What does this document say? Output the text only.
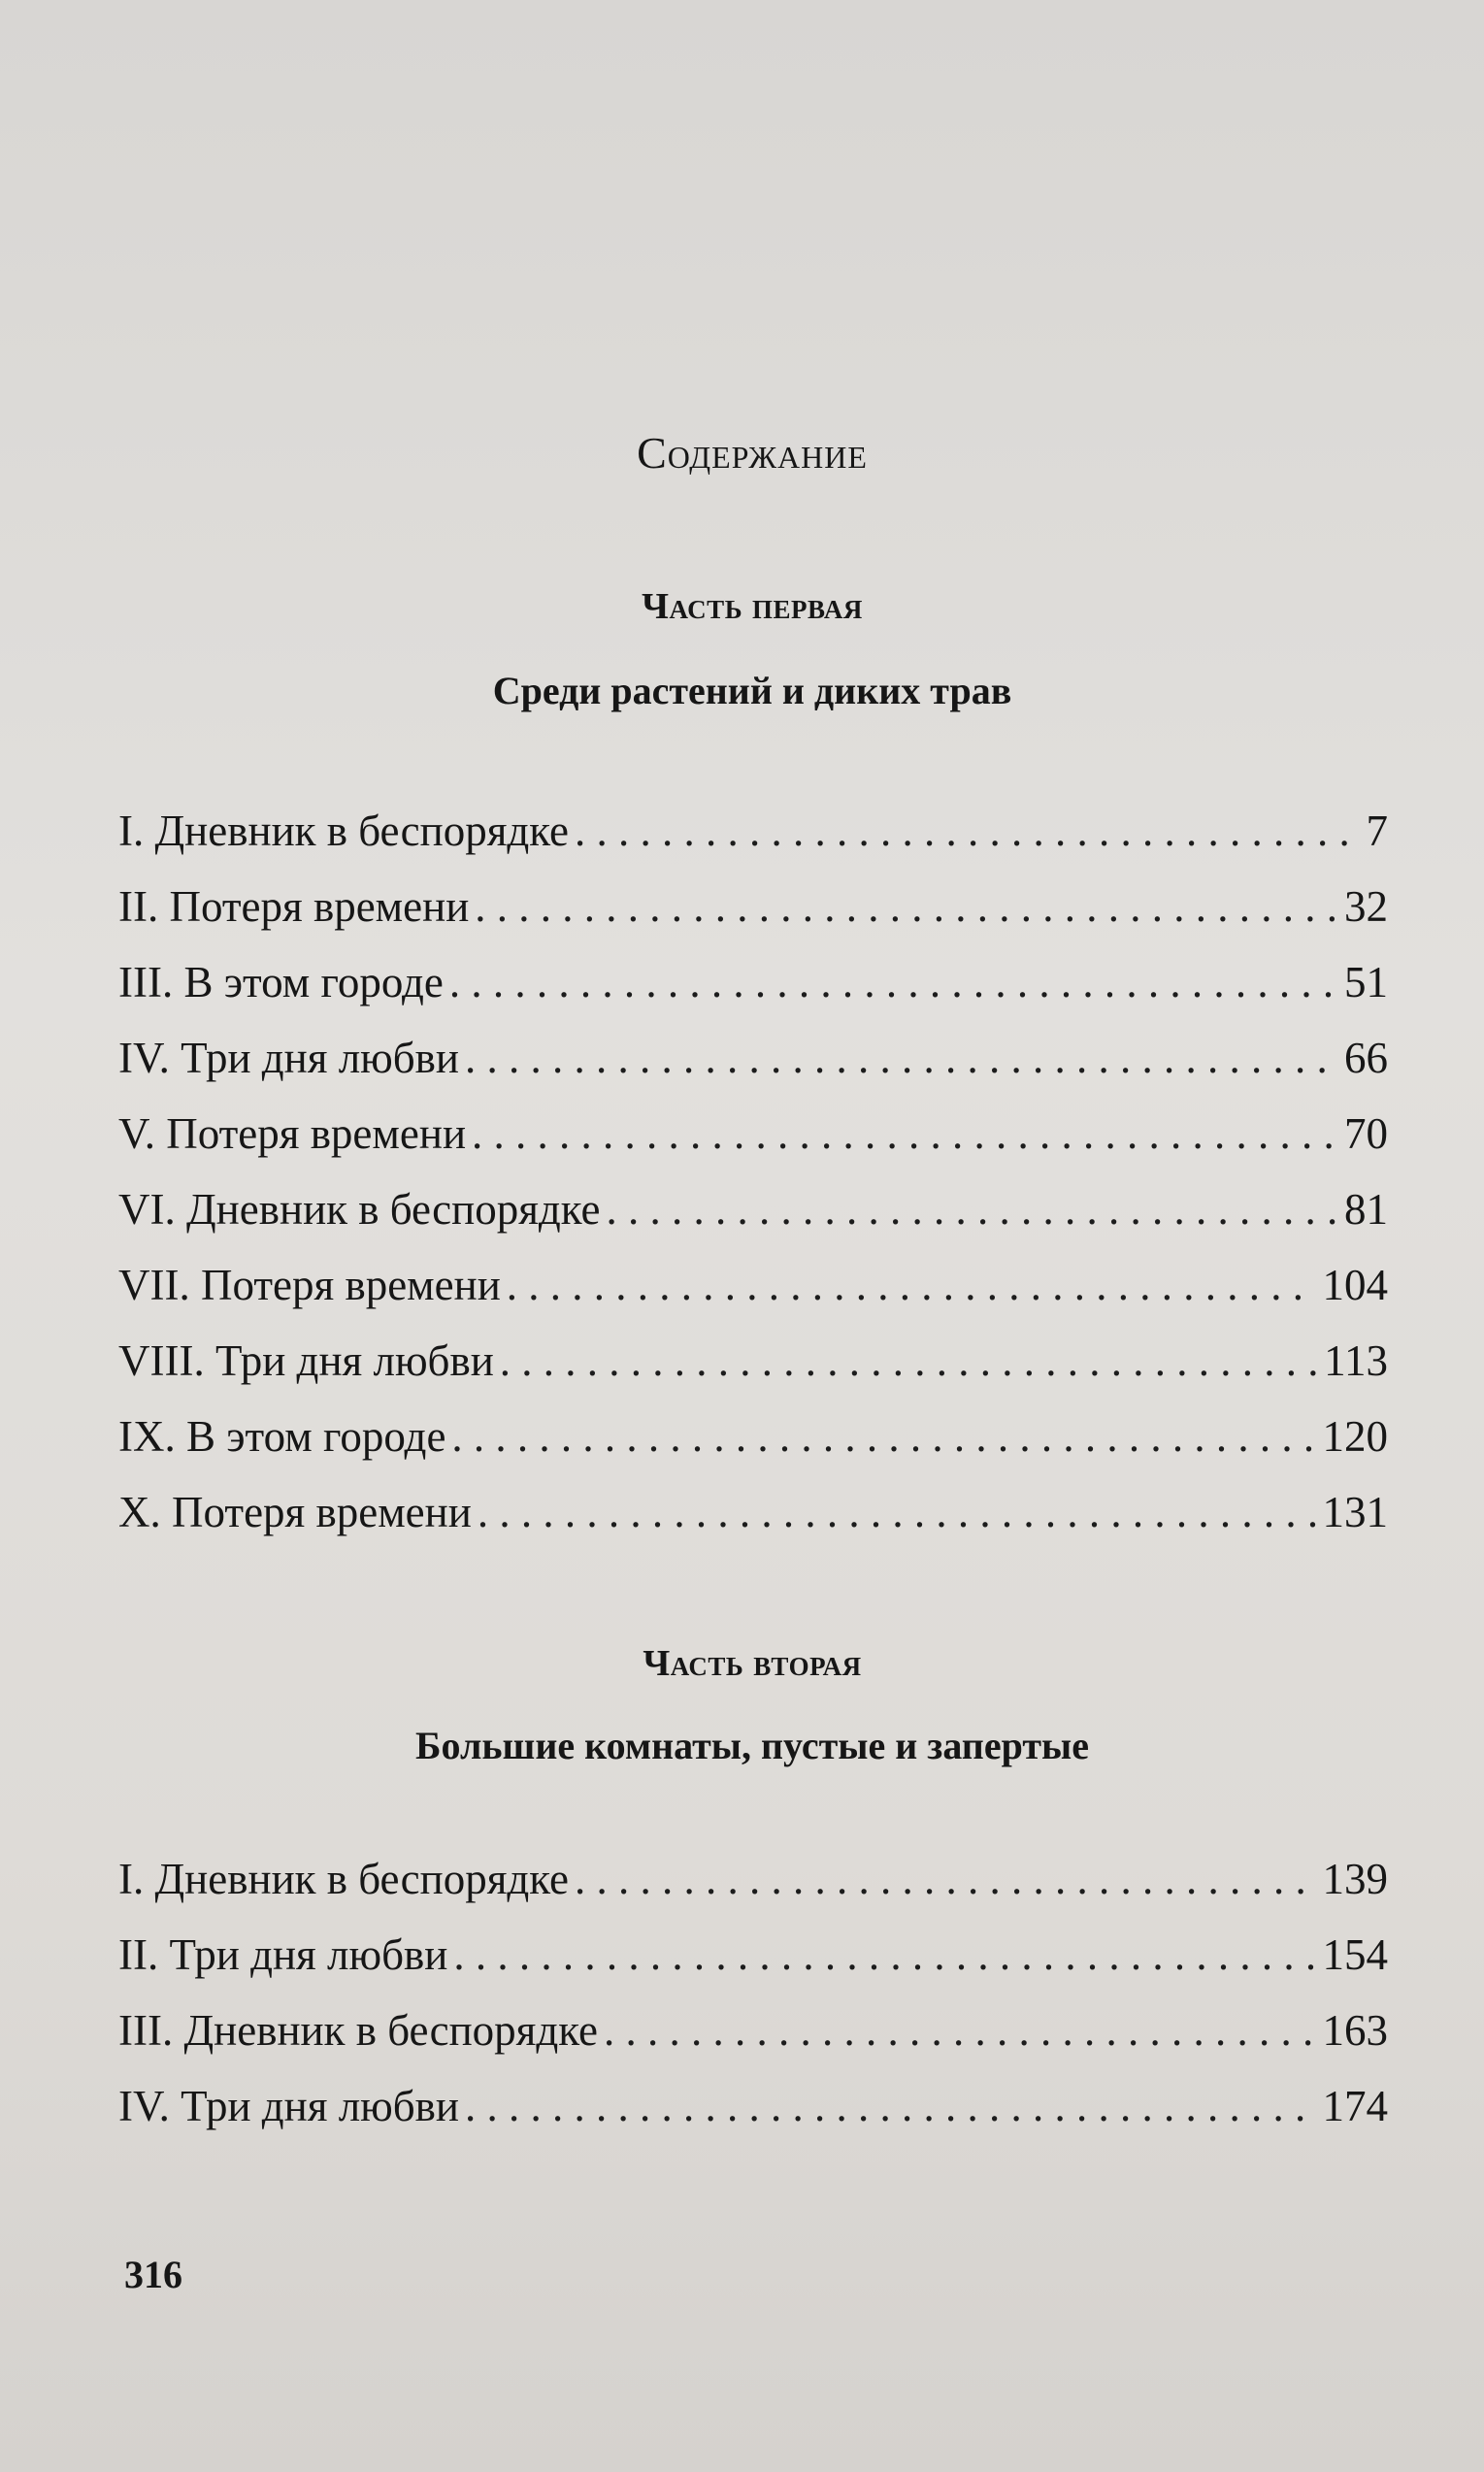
Содержание
Часть первая
Среди растений и диких трав
I. Дневник в беспорядке . . .	7
II. Потеря времени . . .	32
III. В этом городе . . .	51
IV. Три дня любви . . .	66
V. Потеря времени . . .	70
VI. Дневник в беспорядке . . .	81
VII. Потеря времени . . .	104
VIII. Три дня любви . . .	113
IX. В этом городе . . .	120
X. Потеря времени . . .	131
Часть вторая
Большие комнаты, пустые и запертые
I. Дневник в беспорядке . . .	139
II. Три дня любви . . .	154
III. Дневник в беспорядке . . .	163
IV. Три дня любви . . .	174
316
